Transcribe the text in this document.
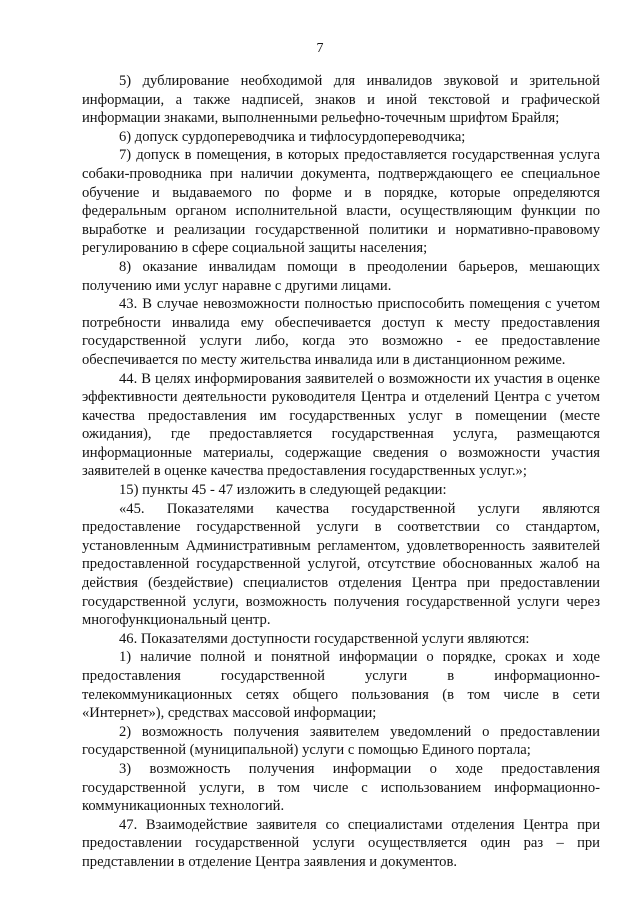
7

5) дублирование необходимой для инвалидов звуковой и зрительной информации, а также надписей, знаков и иной текстовой и графической информации знаками, выполненными рельефно-точечным шрифтом Брайля;

6) допуск сурдопереводчика и тифлосурдопереводчика;

7) допуск в помещения, в которых предоставляется государственная услуга собаки-проводника при наличии документа, подтверждающего ее специальное обучение и выдаваемого по форме и в порядке, которые определяются федеральным органом исполнительной власти, осуществляющим функции по выработке и реализации государственной политики и нормативно-правовому регулированию в сфере социальной защиты населения;

8) оказание инвалидам помощи в преодолении барьеров, мешающих получению ими услуг наравне с другими лицами.

43. В случае невозможности полностью приспособить помещения с учетом потребности инвалида ему обеспечивается доступ к месту предоставления государственной услуги либо, когда это возможно - ее предоставление обеспечивается по месту жительства инвалида или в дистанционном режиме.

44. В целях информирования заявителей о возможности их участия в оценке эффективности деятельности руководителя Центра и отделений Центра с учетом качества предоставления им государственных услуг в помещении (месте ожидания), где предоставляется государственная услуга, размещаются информационные материалы, содержащие сведения о возможности участия заявителей в оценке качества предоставления государственных услуг.»;

15) пункты 45 - 47 изложить в следующей редакции:

«45. Показателями качества государственной услуги являются предоставление государственной услуги в соответствии со стандартом, установленным Административным регламентом, удовлетворенность заявителей предоставленной государственной услугой, отсутствие обоснованных жалоб на действия (бездействие) специалистов отделения Центра при предоставлении государственной услуги, возможность получения государственной услуги через многофункциональный центр.

46. Показателями доступности государственной услуги являются:

1) наличие полной и понятной информации о порядке, сроках и ходе предоставления государственной услуги в информационно-телекоммуникационных сетях общего пользования (в том числе в сети «Интернет»), средствах массовой информации;

2) возможность получения заявителем уведомлений о предоставлении государственной (муниципальной) услуги с помощью Единого портала;

3) возможность получения информации о ходе предоставления государственной услуги, в том числе с использованием информационно-коммуникационных технологий.

47. Взаимодействие заявителя со специалистами отделения Центра при предоставлении государственной услуги осуществляется один раз – при представлении в отделение Центра заявления и документов.
